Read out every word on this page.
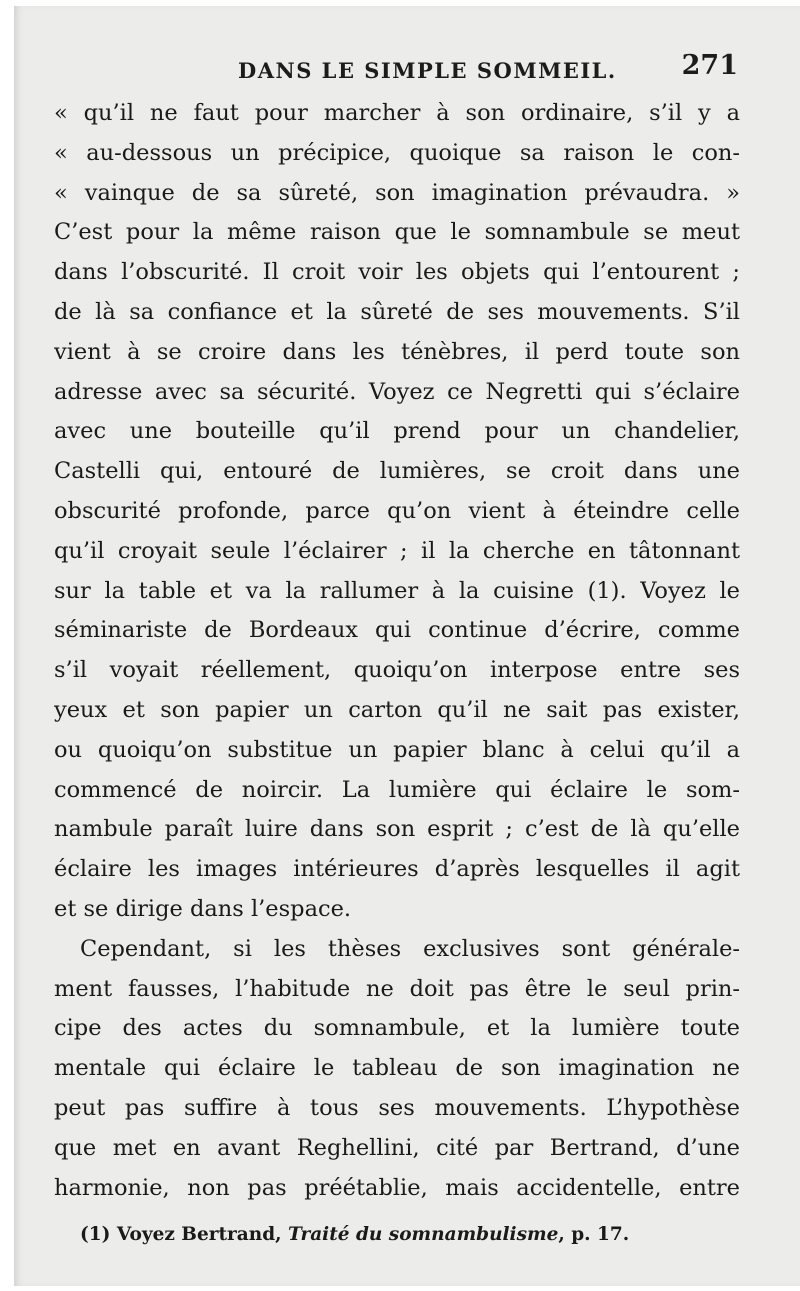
DANS LE SIMPLE SOMMEIL. 271
« qu’il ne faut pour marcher à son ordinaire, s’il y a
« au-dessous un précipice, quoique sa raison le con-
« vainque de sa sûreté, son imagination prévaudra. »
C’est pour la même raison que le somnambule se meut
dans l’obscurité. Il croit voir les objets qui l’entourent ;
de là sa confiance et la sûreté de ses mouvements. S’il
vient à se croire dans les ténèbres, il perd toute son
adresse avec sa sécurité. Voyez ce Negretti qui s’éclaire
avec une bouteille qu’il prend pour un chandelier,
Castelli qui, entouré de lumières, se croit dans une
obscurité profonde, parce qu’on vient à éteindre celle
qu’il croyait seule l’éclairer ; il la cherche en tâtonnant
sur la table et va la rallumer à la cuisine (1). Voyez le
séminariste de Bordeaux qui continue d’écrire, comme
s’il voyait réellement, quoiqu’on interpose entre ses
yeux et son papier un carton qu’il ne sait pas exister,
ou quoiqu’on substitue un papier blanc à celui qu’il a
commencé de noircir. La lumière qui éclaire le som-
nambule paraît luire dans son esprit ; c’est de là qu’elle
éclaire les images intérieures d’après lesquelles il agit
et se dirige dans l’espace.
Cependant, si les thèses exclusives sont générale-
ment fausses, l’habitude ne doit pas être le seul prin-
cipe des actes du somnambule, et la lumière toute
mentale qui éclaire le tableau de son imagination ne
peut pas suffire à tous ses mouvements. L’hypothèse
que met en avant Reghellini, cité par Bertrand, d’une
harmonie, non pas préétablie, mais accidentelle, entre
(1) Voyez Bertrand, Traité du somnambulisme, p. 17.
